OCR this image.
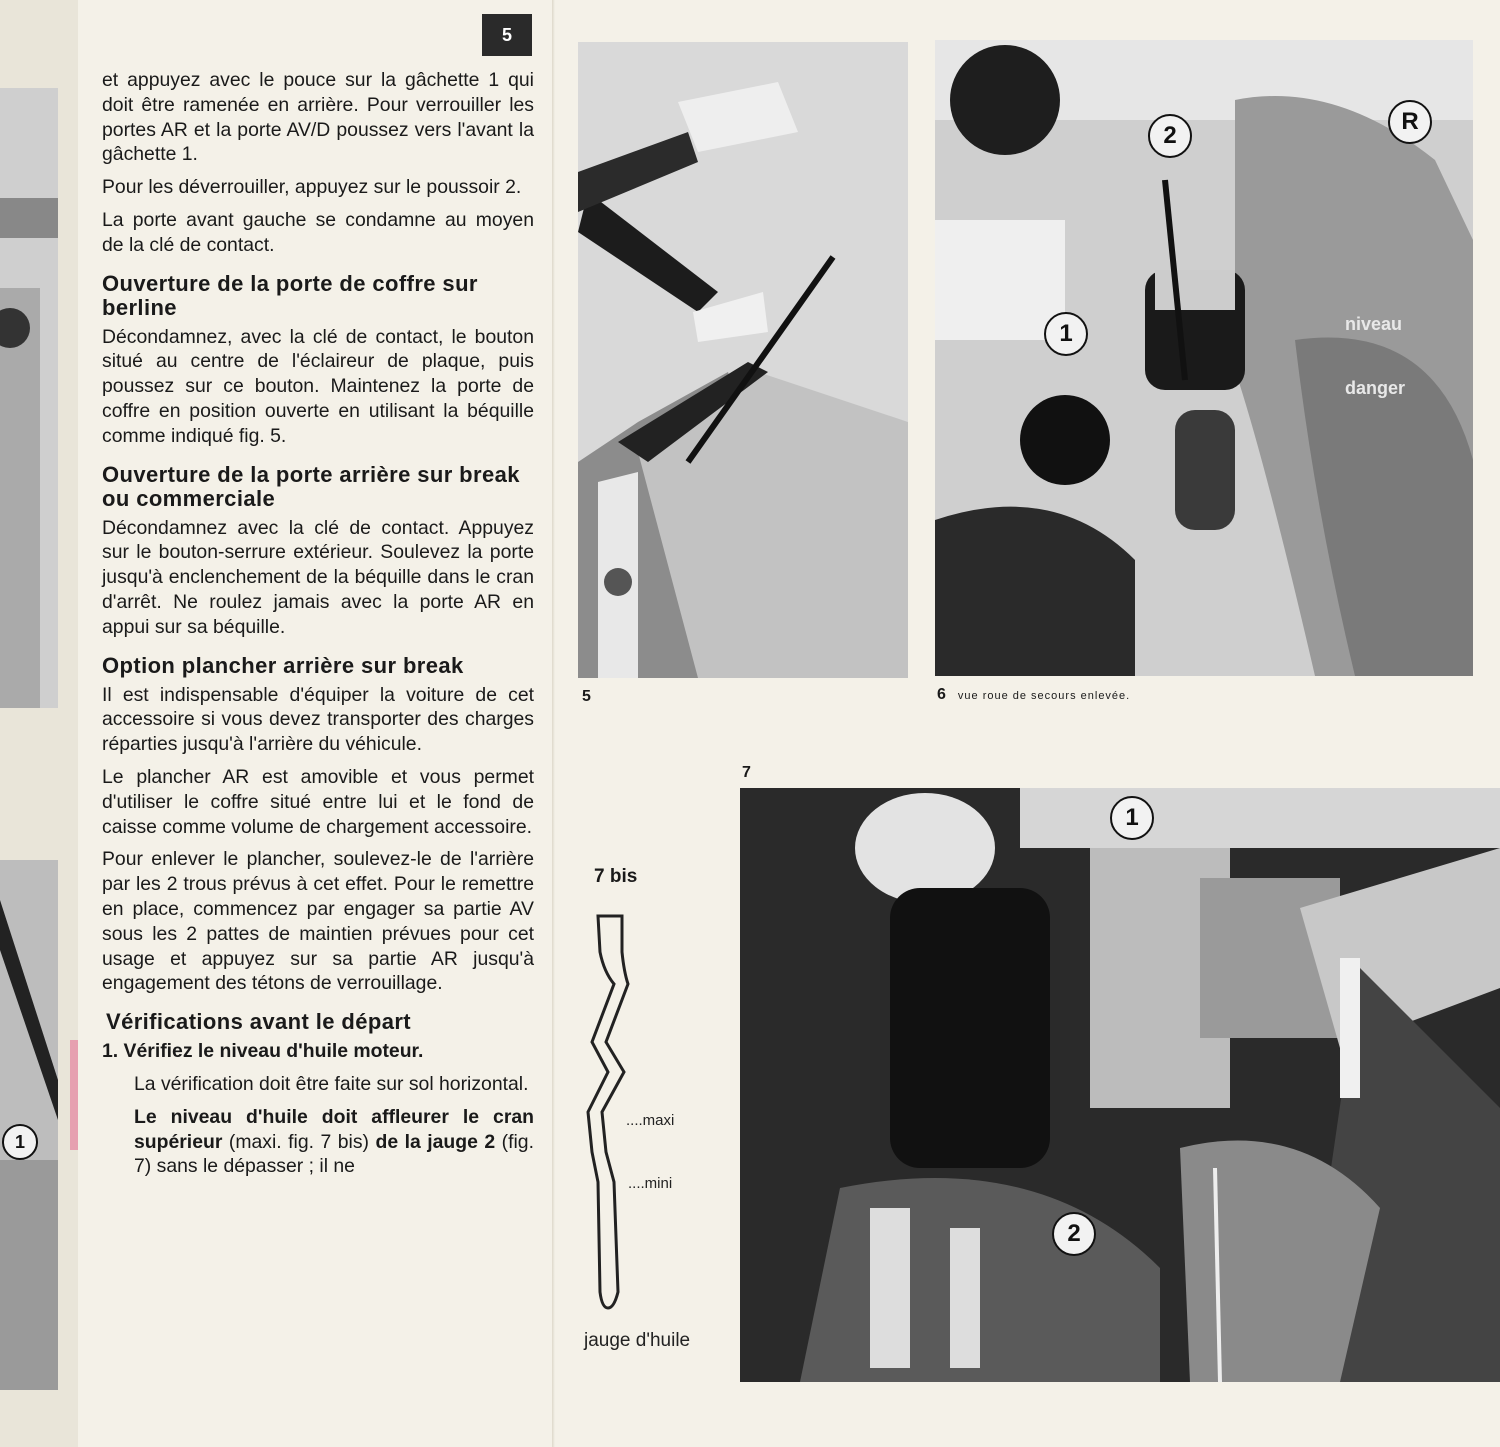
1
5

et appuyez avec le pouce sur la gâchette 1 qui doit être ramenée en arrière. Pour verrouiller les portes AR et la porte AV/D poussez vers l'avant la gâchette 1.

Pour les déverrouiller, appuyez sur le poussoir 2.

La porte avant gauche se condamne au moyen de la clé de contact.

Ouverture de la porte de coffre sur berline

Décondamnez, avec la clé de contact, le bouton situé au centre de l'éclaireur de plaque, puis poussez sur ce bouton. Maintenez la porte de coffre en position ouverte en utilisant la béquille comme indiqué fig. 5.

Ouverture de la porte arrière sur break ou commerciale

Décondamnez avec la clé de contact. Appuyez sur le bouton-serrure extérieur. Soulevez la porte jusqu'à enclenchement de la béquille dans le cran d'arrêt. Ne roulez jamais avec la porte AR en appui sur sa béquille.

Option plancher arrière sur break

Il est indispensable d'équiper la voiture de cet accessoire si vous devez transporter des charges réparties jusqu'à l'arrière du véhicule.

Le plancher AR est amovible et vous permet d'utiliser le coffre situé entre lui et le fond de caisse comme volume de chargement accessoire.

Pour enlever le plancher, soulevez-le de l'arrière par les 2 trous prévus à cet effet. Pour le remettre en place, commencez par engager sa partie AV sous les 2 pattes de maintien prévues pour cet usage et appuyez sur sa partie AR jusqu'à engagement des tétons de verrouillage.

Vérifications avant le départ

1. Vérifiez le niveau d'huile moteur.

La vérification doit être faite sur sol horizontal.

Le niveau d'huile doit affleurer le cran supérieur (maxi. fig. 7 bis) de la jauge 2 (fig. 7) sans le dépasser ; il ne

5
2
1
R
niveau
danger
6 vue roue de secours enlevée.
7
1
2
7 bis
....maxi
....mini
jauge d'huile
